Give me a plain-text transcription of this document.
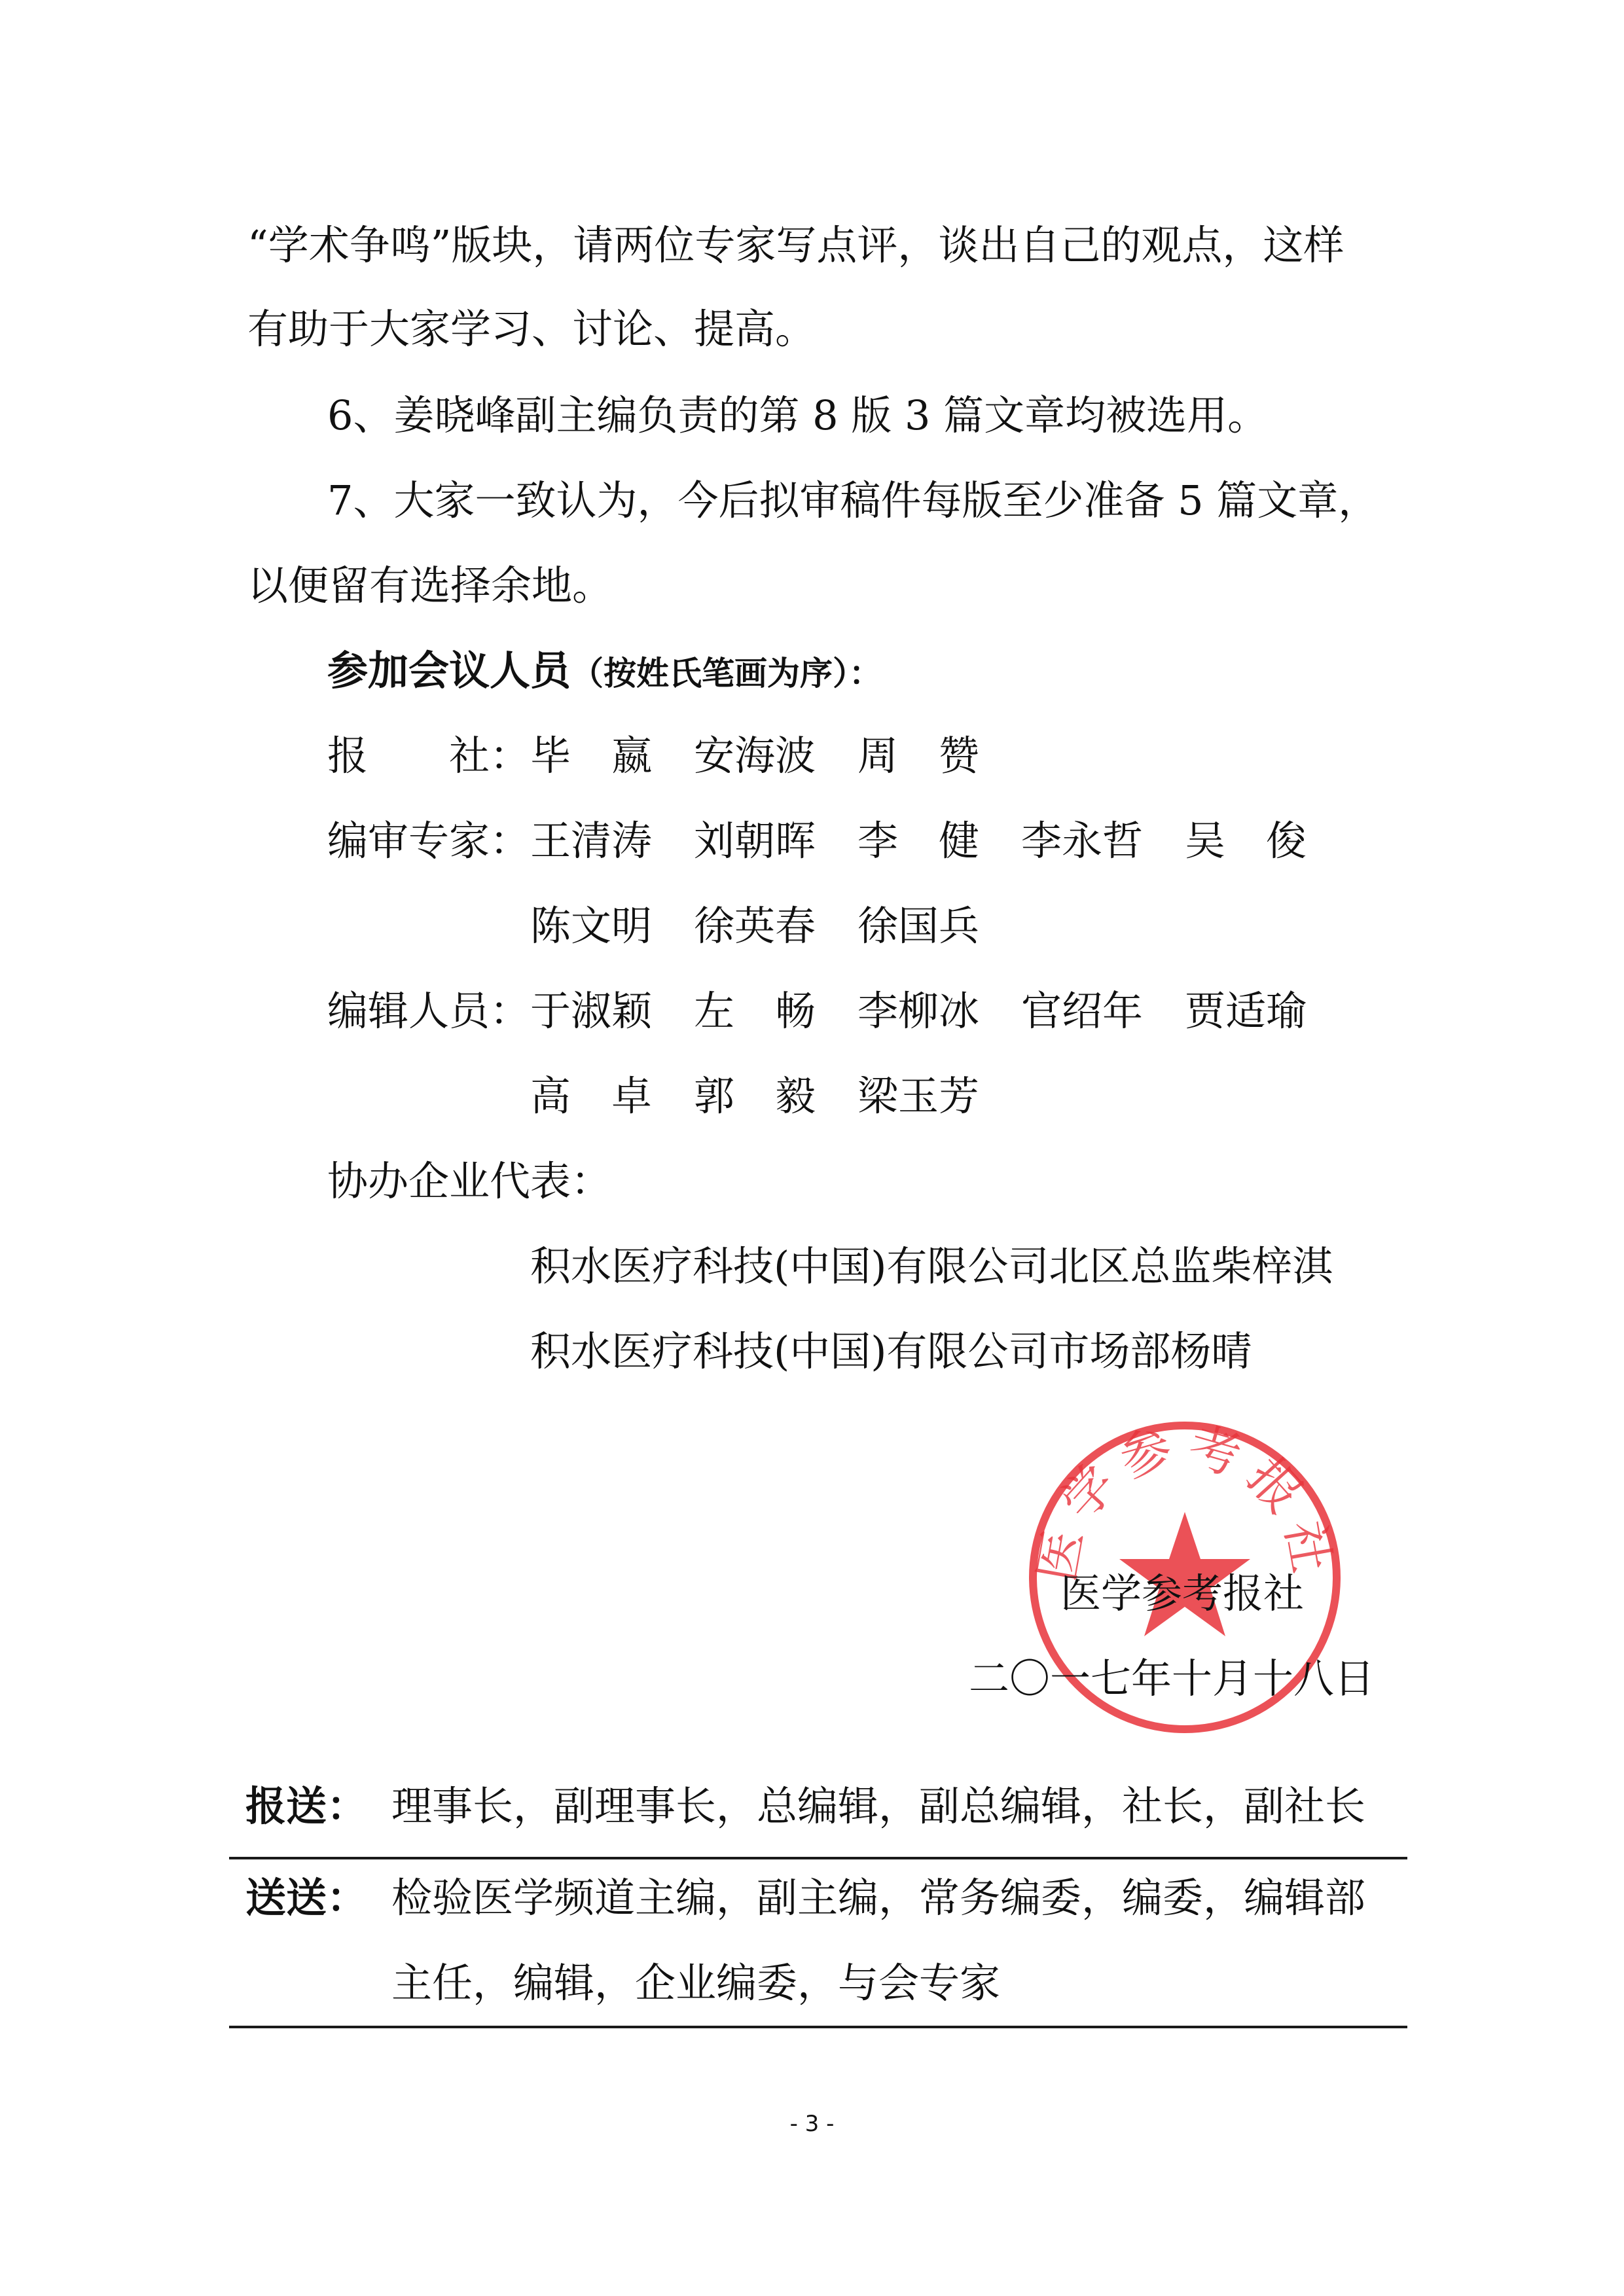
“学术争鸣”版块，请两位专家写点评，谈出自己的观点，这样
有助于大家学习、讨论、提高。
6、姜晓峰副主编负责的第 8 版 3 篇文章均被选用。
7、大家一致认为，今后拟审稿件每版至少准备 5 篇文章，
以便留有选择余地。
参加会议人员（按姓氏笔画为序）：
报　　社： 毕　嬴 安海波 周　赞
编审专家： 王清涛 刘朝晖 李　健 李永哲 吴　俊
陈文明 徐英春 徐国兵
编辑人员： 于淑颖 左　畅 李柳冰 官绍年 贾适瑜
高　卓 郭　毅 梁玉芳
协办企业代表：
积水医疗科技(中国)有限公司北区总监柴梓淇
积水医疗科技(中国)有限公司市场部杨晴
医学参考报社
医学参考报社
二〇一七年十月十八日
报送： 理事长，副理事长，总编辑，副总编辑，社长，副社长
送送： 检验医学频道主编，副主编，常务编委，编委，编辑部
主任，编辑，企业编委，与会专家
- 3 -
